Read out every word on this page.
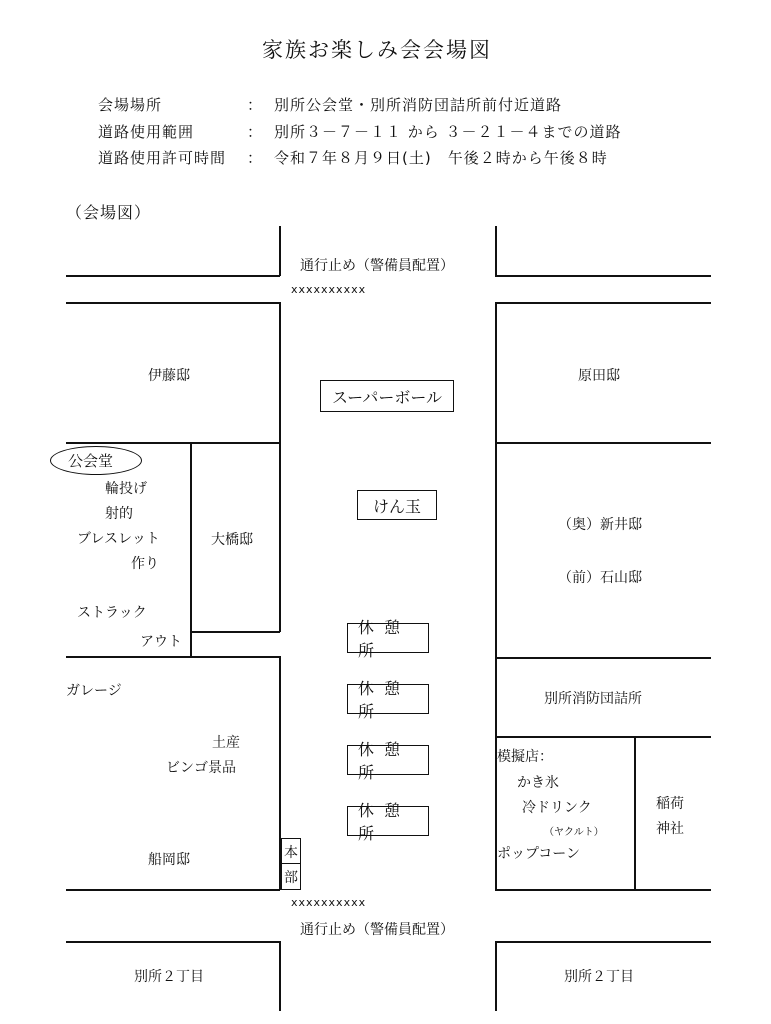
家族お楽しみ会会場図
会場場所	： 別所公会堂・別所消防団詰所前付近道路
道路使用範囲	： 別所３－７－１１ から ３－２１－４までの道路
道路使用許可時間 ： 令和７年８月９日(土)　午後２時から午後８時
（会場図）
通行止め（警備員配置）
xxxxxxxxxx
xxxxxxxxxx
通行止め（警備員配置）
伊藤邸	原田邸
大橋邸
（奥）新井邸
（前）石山邸
船岡邸
別所２丁目	別所２丁目
公会堂
輪投げ
射的
ブレスレット
作り
ストラック
アウト
ガレージ
土産
ビンゴ景品
別所消防団詰所
模擬店：
かき氷
冷ドリンク
（ヤクルト）
ポップコーン
稲荷
神社
スーパーボール
けん玉
休憩所
休憩所
休憩所
休憩所
本
部
